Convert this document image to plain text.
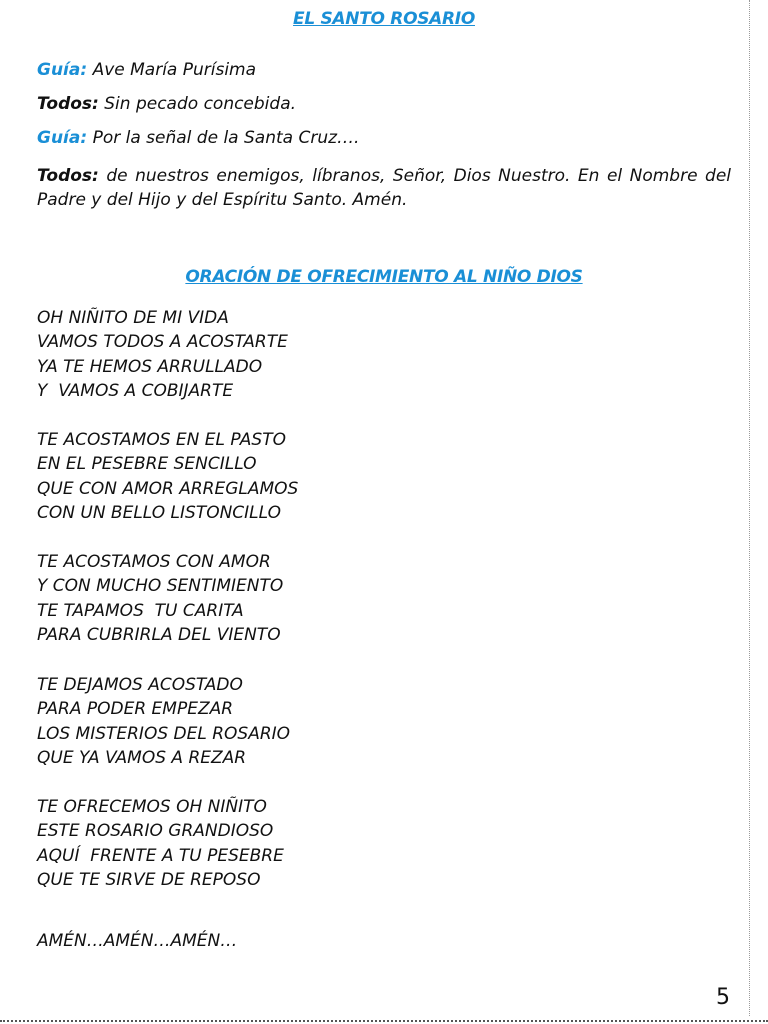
EL SANTO ROSARIO
Guía: Ave María Purísima
Todos: Sin pecado concebida.
Guía: Por la señal de la Santa Cruz….
Todos: de nuestros enemigos, líbranos, Señor, Dios Nuestro. En el Nombre del Padre y del Hijo y del Espíritu Santo. Amén.
ORACIÓN DE OFRECIMIENTO AL NIÑO DIOS
OH NIÑITO DE MI VIDA
VAMOS TODOS A ACOSTARTE
YA TE HEMOS ARRULLADO
Y  VAMOS A COBIJARTE
TE ACOSTAMOS EN EL PASTO
EN EL PESEBRE SENCILLO
QUE CON AMOR ARREGLAMOS
CON UN BELLO LISTONCILLO
TE ACOSTAMOS CON AMOR
Y CON MUCHO SENTIMIENTO
TE TAPAMOS  TU CARITA
PARA CUBRIRLA DEL VIENTO
TE DEJAMOS ACOSTADO
PARA PODER EMPEZAR
LOS MISTERIOS DEL ROSARIO
QUE YA VAMOS A REZAR
TE OFRECEMOS OH NIÑITO
ESTE ROSARIO GRANDIOSO
AQUÍ  FRENTE A TU PESEBRE
QUE TE SIRVE DE REPOSO
AMÉN…AMÉN…AMÉN…
5
